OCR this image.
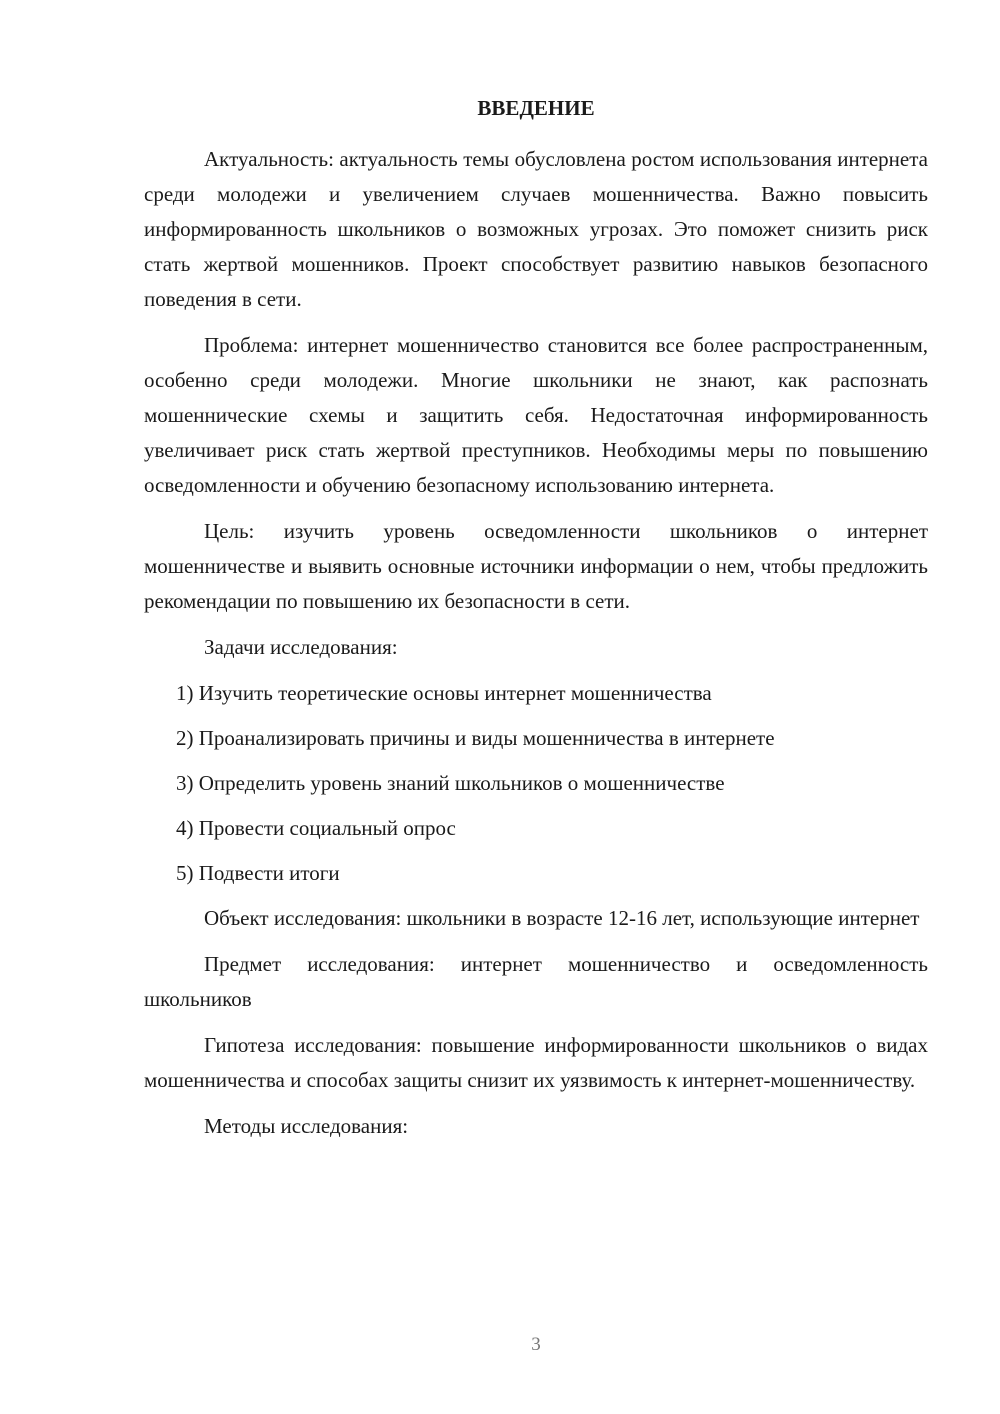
ВВЕДЕНИЕ

Актуальность: актуальность темы обусловлена ростом использования интернета среди молодежи и увеличением случаев мошенничества. Важно повысить информированность школьников о возможных угрозах. Это поможет снизить риск стать жертвой мошенников. Проект способствует развитию навыков безопасного поведения в сети.

Проблема: интернет мошенничество становится все более распространенным, особенно среди молодежи. Многие школьники не знают, как распознать мошеннические схемы и защитить себя. Недостаточная информированность увеличивает риск стать жертвой преступников. Необходимы меры по повышению осведомленности и обучению безопасному использованию интернета.

Цель: изучить уровень осведомленности школьников о интернет мошенничестве и выявить основные источники информации о нем, чтобы предложить рекомендации по повышению их безопасности в сети.

Задачи исследования:

1) Изучить теоретические основы интернет мошенничества
2) Проанализировать причины и виды мошенничества в интернете
3) Определить уровень знаний школьников о мошенничестве
4) Провести социальный опрос
5) Подвести итоги

Объект исследования: школьники в возрасте 12-16 лет, использующие интернет

Предмет исследования: интернет мошенничество и осведомленность школьников

Гипотеза исследования: повышение информированности школьников о видах мошенничества и способах защиты снизит их уязвимость к интернет-мошенничеству.

Методы исследования:

3
